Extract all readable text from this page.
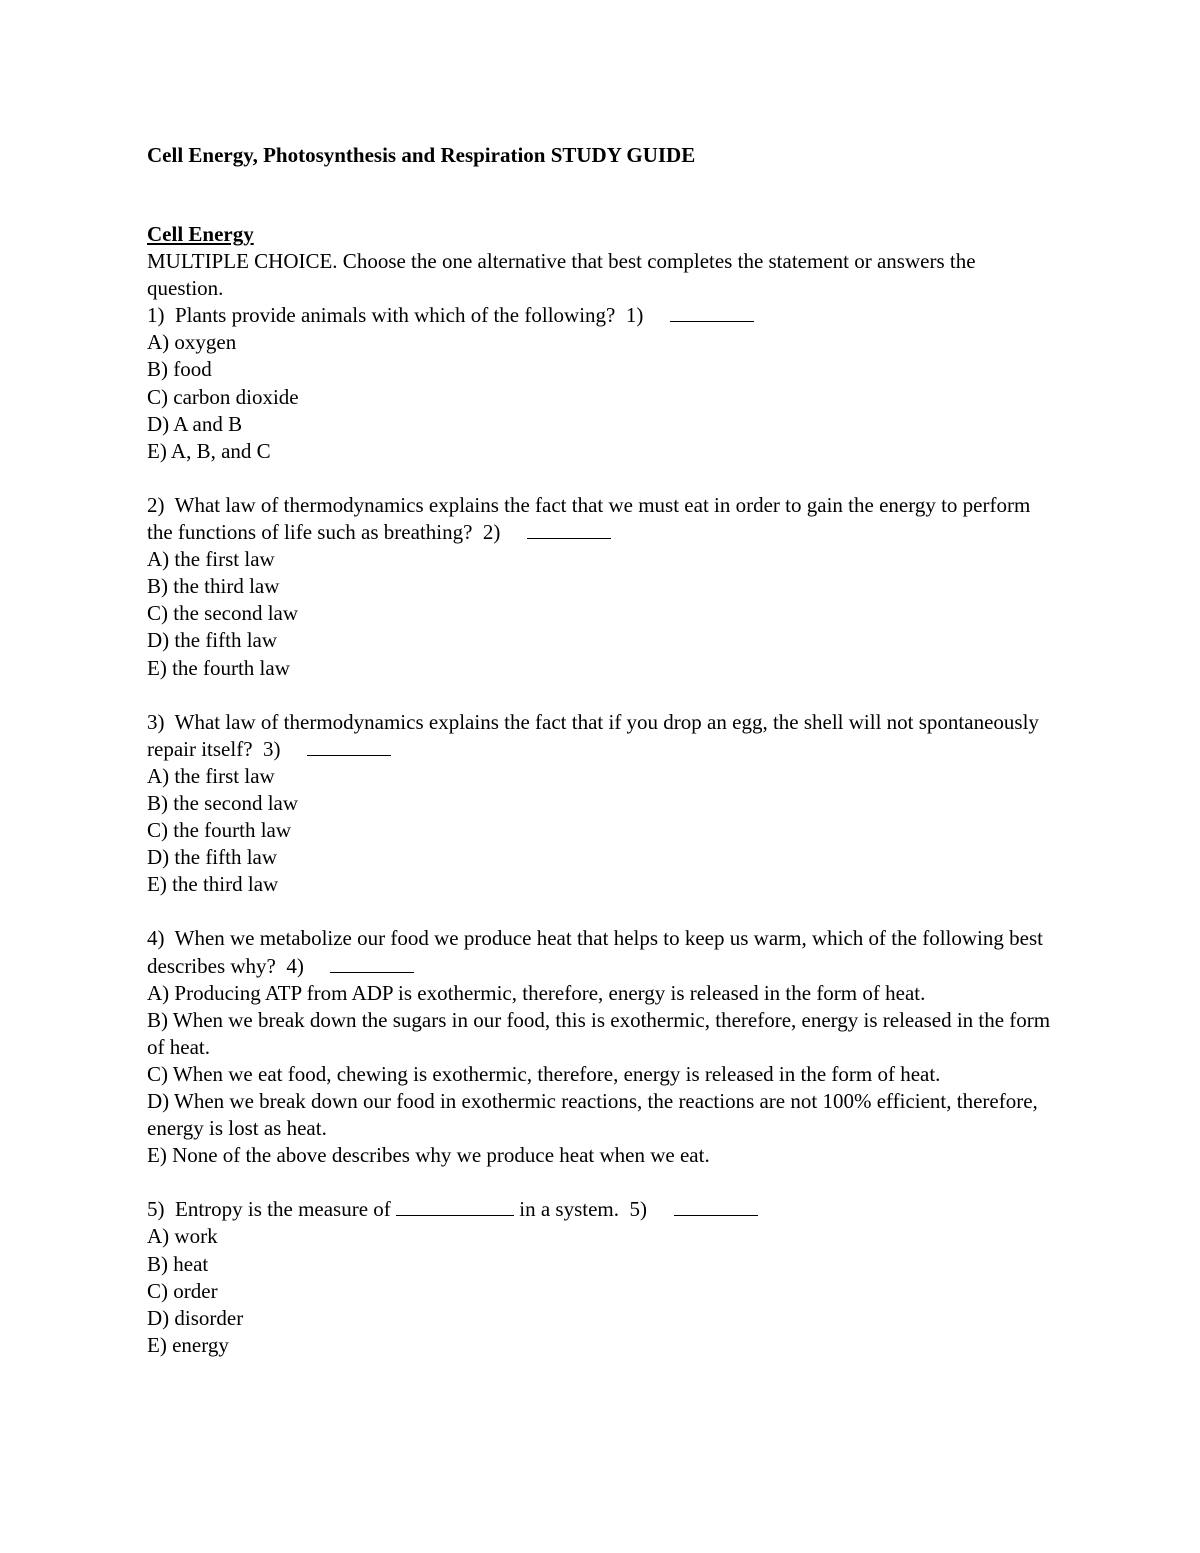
Cell Energy, Photosynthesis and Respiration STUDY GUIDE
Cell Energy
MULTIPLE CHOICE. Choose the one alternative that best completes the statement or answers the question.
1) Plants provide animals with which of the following? 1)
A) oxygen
B) food
C) carbon dioxide
D) A and B
E) A, B, and C
2) What law of thermodynamics explains the fact that we must eat in order to gain the energy to perform the functions of life such as breathing? 2)
A) the first law
B) the third law
C) the second law
D) the fifth law
E) the fourth law
3) What law of thermodynamics explains the fact that if you drop an egg, the shell will not spontaneously repair itself? 3)
A) the first law
B) the second law
C) the fourth law
D) the fifth law
E) the third law
4) When we metabolize our food we produce heat that helps to keep us warm, which of the following best describes why? 4)
A) Producing ATP from ADP is exothermic, therefore, energy is released in the form of heat.
B) When we break down the sugars in our food, this is exothermic, therefore, energy is released in the form of heat.
C) When we eat food, chewing is exothermic, therefore, energy is released in the form of heat.
D) When we break down our food in exothermic reactions, the reactions are not 100% efficient, therefore, energy is lost as heat.
E) None of the above describes why we produce heat when we eat.
5) Entropy is the measure of	in a system. 5)
A) work
B) heat
C) order
D) disorder
E) energy
